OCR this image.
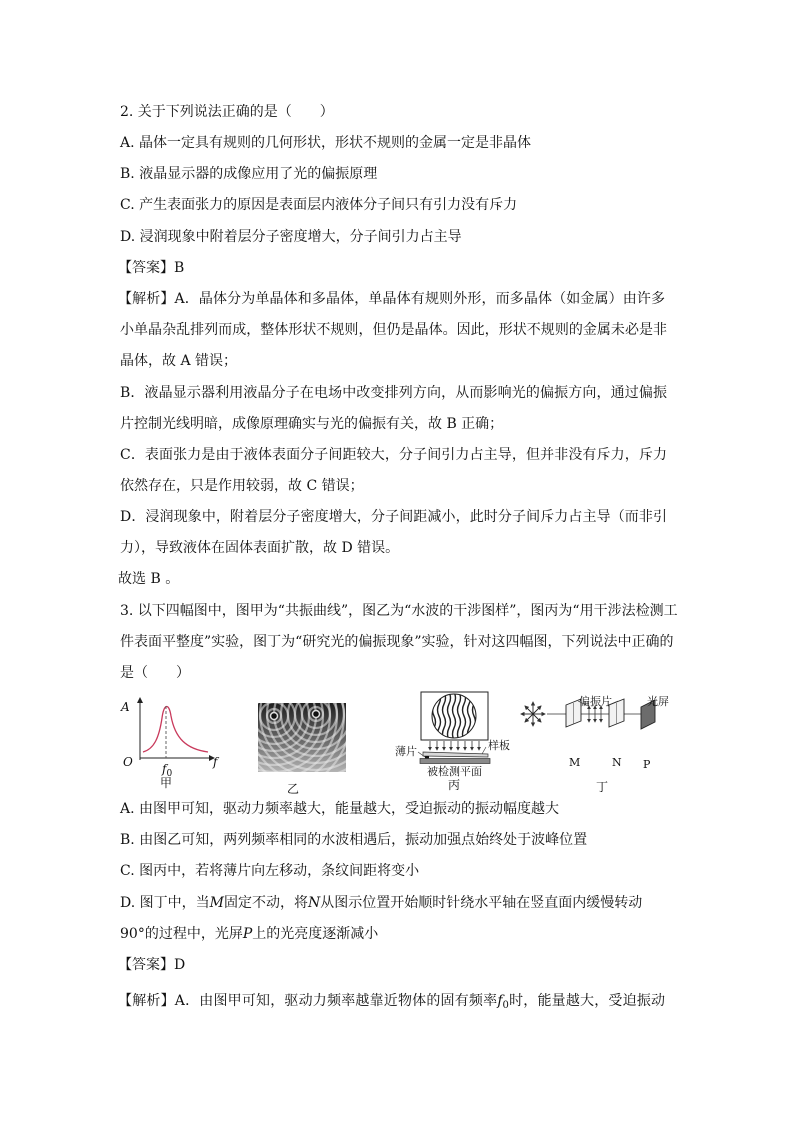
2. 关于下列说法正确的是（　　）
A. 晶体一定具有规则的几何形状，形状不规则的金属一定是非晶体
B. 液晶显示器的成像应用了光的偏振原理
C. 产生表面张力的原因是表面层内液体分子间只有引力没有斥力
D. 浸润现象中附着层分子密度增大，分子间引力占主导
【答案】B
【解析】A．晶体分为单晶体和多晶体，单晶体有规则外形，而多晶体（如金属）由许多
小单晶杂乱排列而成，整体形状不规则，但仍是晶体。因此，形状不规则的金属未必是非
晶体，故 A 错误；
B．液晶显示器利用液晶分子在电场中改变排列方向，从而影响光的偏振方向，通过偏振
片控制光线明暗，成像原理确实与光的偏振有关，故 B 正确；
C．表面张力是由于液体表面分子间距较大，分子间引力占主导，但并非没有斥力，斥力
依然存在，只是作用较弱，故 C 错误；
D．浸润现象中，附着层分子密度增大，分子间距减小，此时分子间斥力占主导（而非引
力），导致液体在固体表面扩散，故 D 错误。
故选 B 。
3. 以下四幅图中，图甲为“共振曲线”，图乙为“水波的干涉图样”，图丙为“用干涉法检测工
件表面平整度”实验，图丁为“研究光的偏振现象”实验，针对这四幅图，下列说法中正确的
是（　　）
A
O	f
$f_0$
甲	乙
薄片	样板
被检测平面
丙
偏振片	光屏
M	N P
丁
A. 由图甲可知，驱动力频率越大，能量越大，受迫振动的振动幅度越大
B. 由图乙可知，两列频率相同的水波相遇后，振动加强点始终处于波峰位置
C. 图丙中，若将薄片向左移动，条纹间距将变小
D. 图丁中，当M固定不动，将N从图示位置开始顺时针绕水平轴在竖直面内缓慢转动
90°的过程中，光屏P上的光亮度逐渐减小
【答案】D
【解析】A．由图甲可知，驱动力频率越靠近物体的固有频率$f_0$时，能量越大，受迫振动
